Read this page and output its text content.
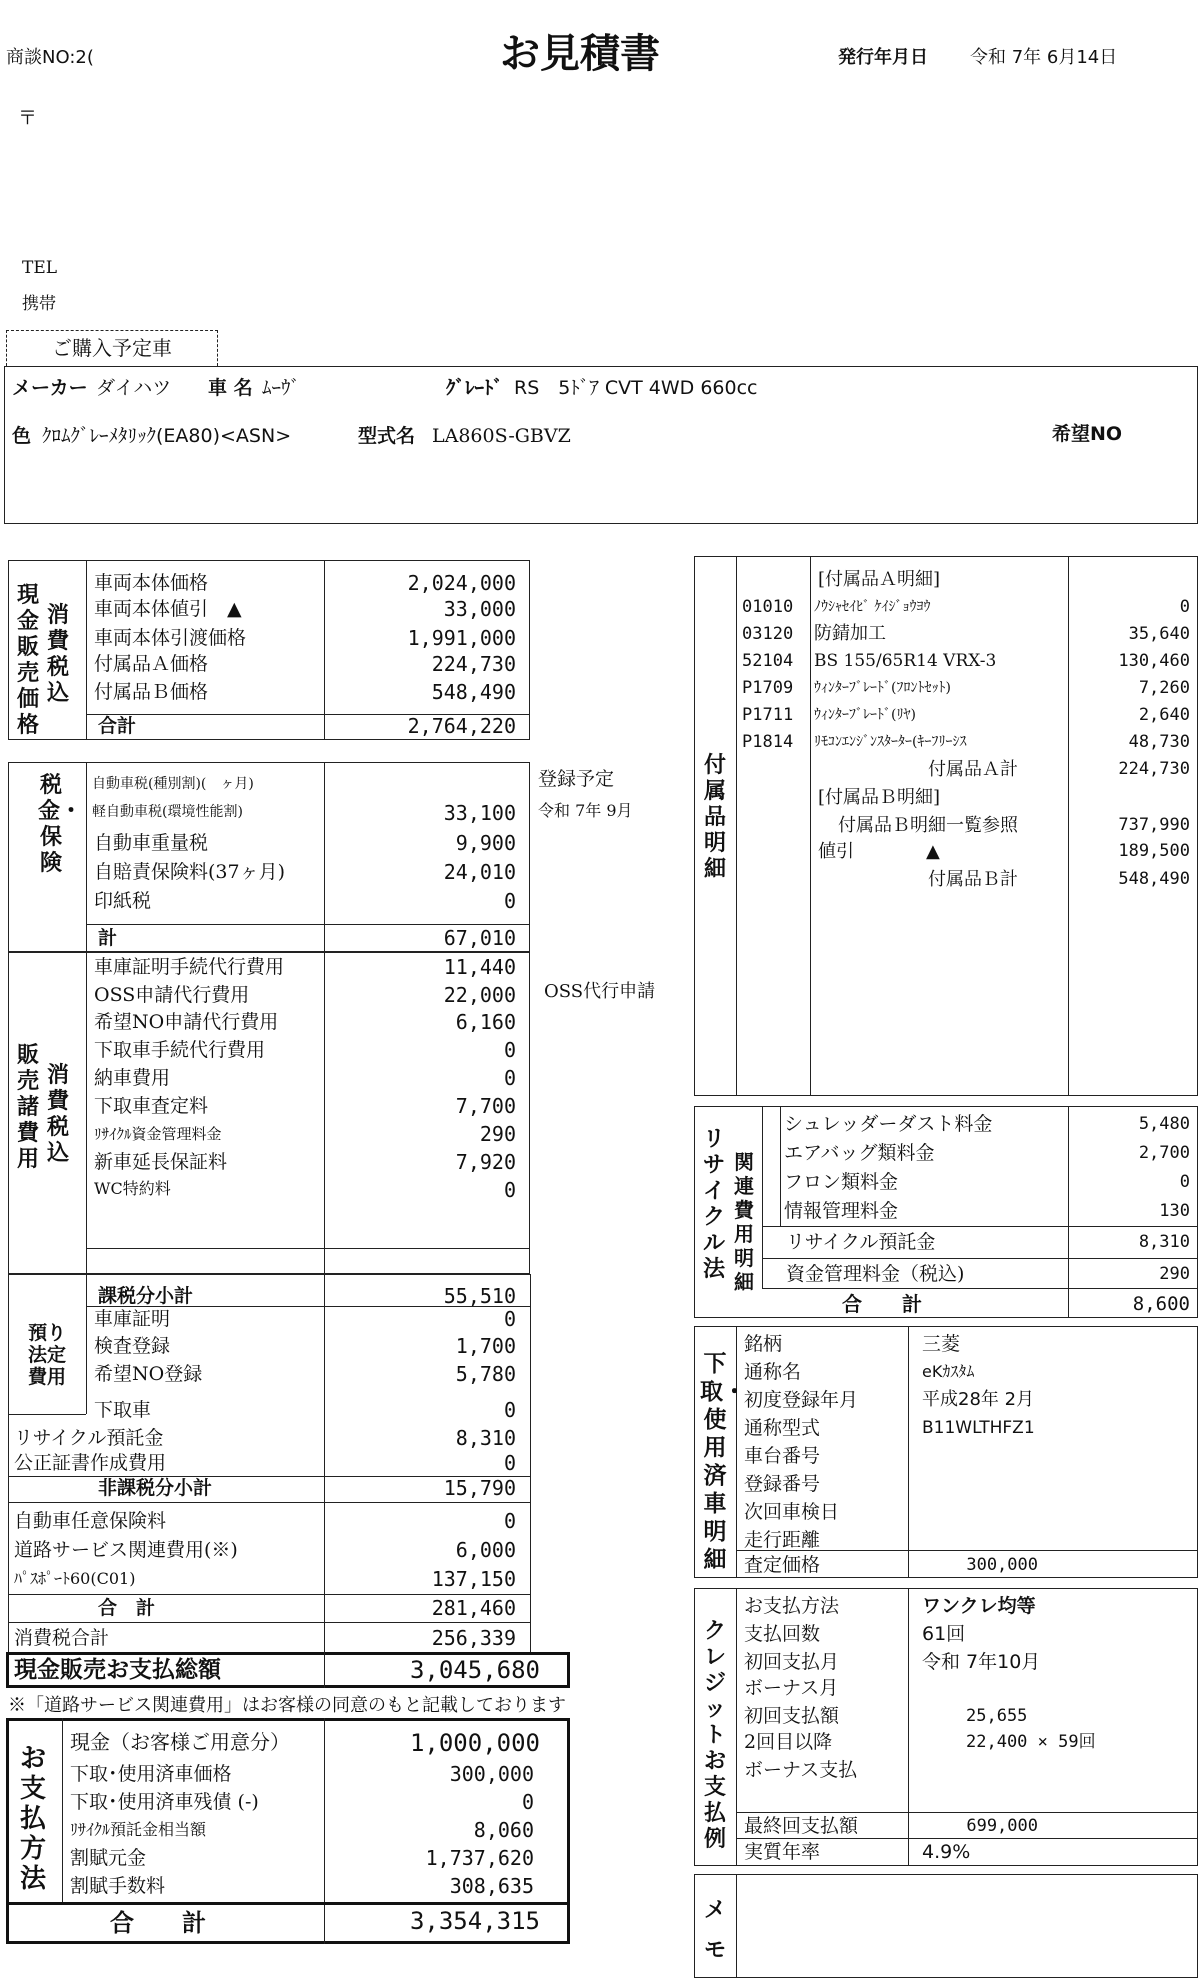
商談NO:2(	お見積書	発行年月日 令和 7年 6月14日
〒
TEL
携帯
ご購入予定車
メーカー ダイハツ 車 名 ﾑｰｳﾞ	ｸﾞﾚｰﾄﾞ RS　5ﾄﾞｱ CVT 4WD 660cc
色 ｸﾛﾑｸﾞﾚｰﾒﾀﾘｯｸ(EA80)<ASN>	型式名 LA860S-GBVZ	希望NO
現金販売価格
消費税込
車両本体価格	2,024,000
車両本体値引　▲	33,000
車両本体引渡価格	1,991,000
付属品Ａ価格	224,730
付属品Ｂ価格	548,490
合計	2,764,220
税金・保険
自動車税(種別割)(　ヶ月)
軽自動車税(環境性能割)	33,100
自動車重量税	9,900
自賠責保険料(37ヶ月)	24,010
印紙税	0
計	67,010
登録予定
令和 7年 9月
販売諸費用
消費税込
車庫証明手続代行費用	11,440
OSS申請代行費用	22,000
希望NO申請代行費用	6,160
下取車手続代行費用	0
納車費用	0
下取車査定料	7,700
ﾘｻｲｸﾙ資金管理料金	290
新車延長保証料	7,920
WC特約料	0
課税分小計	55,510
OSS代行申請
預り法定費用
車庫証明	0
検査登録	1,700
希望NO登録	5,780
下取車	0
リサイクル預託金	8,310
公正証書作成費用	0
非課税分小計	15,790
自動車任意保険料	0
道路サービス関連費用(※)	6,000
ﾊﾟｽﾎﾟｰﾄ60(C01)	137,150
合　計	281,460
消費税合計	256,339
現金販売お支払総額	3,045,680
※「道路サービス関連費用」はお客様の同意のもと記載しております
お支払方法
現金（お客様ご用意分）	1,000,000
下取･使用済車価格	300,000
下取･使用済車残債 (-)	0
ﾘｻｲｸﾙ預託金相当額	8,060
割賦元金	1,737,620
割賦手数料	308,635
合　　計	3,354,315
付属品明細
[付属品Ａ明細]
01010	ﾉｳｼｬｾｲﾋﾞ ｹｲｼﾞｮｳﾖｳ	0
03120	防錆加工	35,640
52104	BS 155/65R14 VRX-3	130,460
P1709	ｳｨﾝﾀｰﾌﾞﾚｰﾄﾞ(ﾌﾛﾝﾄｾｯﾄ)	7,260
P1711	ｳｨﾝﾀｰﾌﾞﾚｰﾄﾞ(ﾘﾔ)	2,640
P1814	ﾘﾓｺﾝｴﾝｼﾞﾝｽﾀｰﾀｰ(ｷｰﾌﾘｰｼｽ	48,730
付属品Ａ計	224,730
[付属品Ｂ明細]
付属品Ｂ明細一覧参照	737,990
値引　　　　▲	189,500
付属品Ｂ計	548,490
リサイクル法
関連費用明細
シュレッダーダスト料金	5,480
エアバッグ類料金	2,700
フロン類料金	0
情報管理料金	130
リサイクル預託金	8,310
資金管理料金（税込)	290
合　　計	8,600
下取・使用済車明細
銘柄	三菱
通称名	eKｶｽﾀﾑ
初度登録年月	平成28年 2月
通称型式	B11WLTHFZ1
車台番号
登録番号
次回車検日
走行距離
査定価格	300,000
クレジットお支払例
お支払方法	ワンクレ均等
支払回数	61回
初回支払月	令和 7年10月
ボーナス月
初回支払額	25,655
2回目以降	22,400 × 59回
ボーナス支払
最終回支払額	699,000
実質年率	4.9%
メモ
